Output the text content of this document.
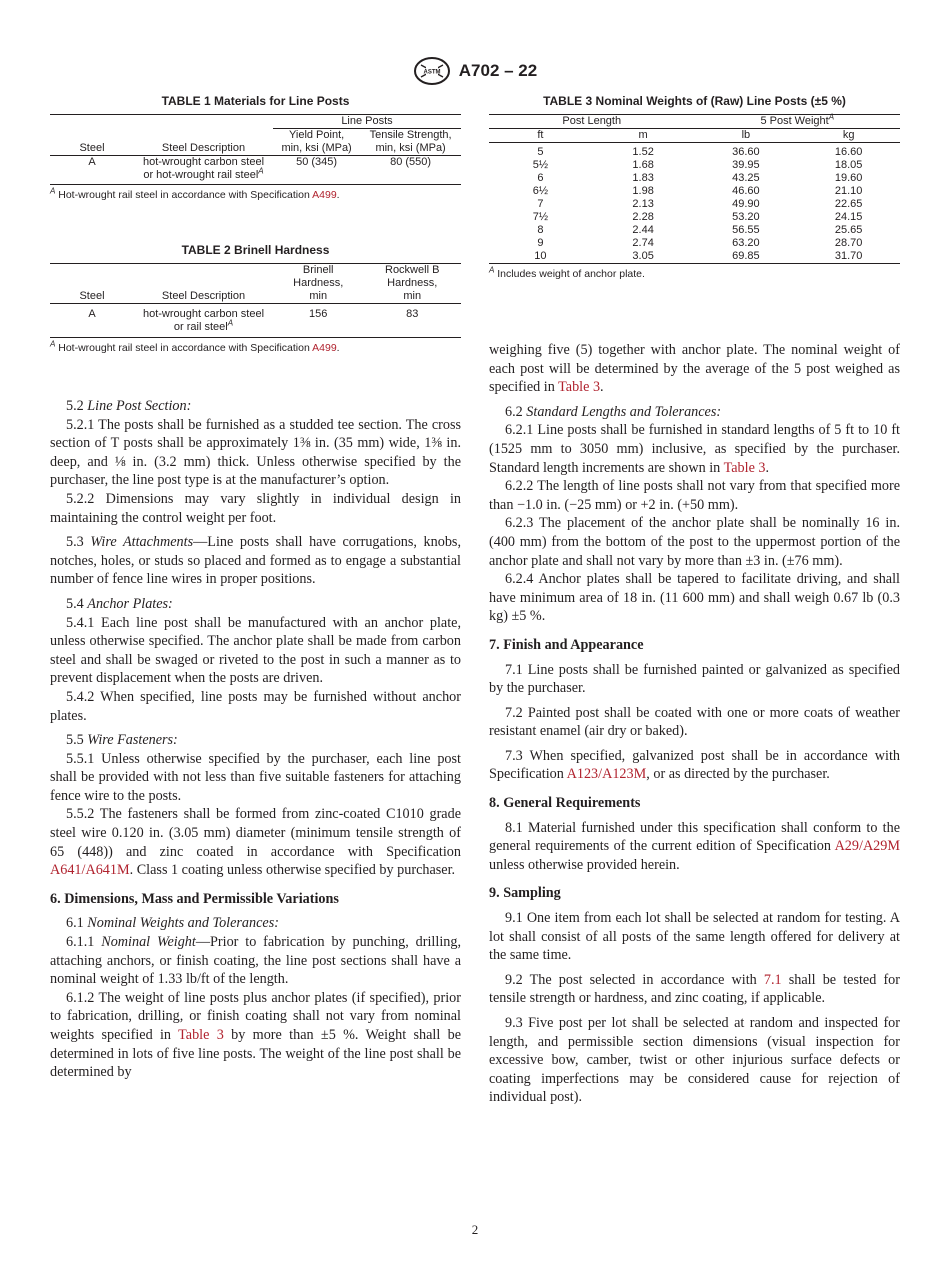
ASTM A702 – 22

TABLE 1 Materials for Line Posts

		Line Posts	
		Yield Point,	Tensile Strength,
Steel	Steel Description	min, ksi (MPa)	min, ksi (MPa)
A	hot-wrought carbon steel	50 (345)	80 (550)
	or hot-wrought rail steel$^A$		

$^A$ Hot-wrought rail steel in accordance with Specification A499.

TABLE 2 Brinell Hardness

		Brinell	Rockwell B
		Hardness,	Hardness,
Steel	Steel Description	min	min
A	hot-wrought carbon steel	156	83
	or rail steel$^A$		

$^A$ Hot-wrought rail steel in accordance with Specification A499.

5.2 Line Post Section:

5.2.1 The posts shall be furnished as a studded tee section. The cross section of T posts shall be approximately 1⅜ in. (35 mm) wide, 1⅜ in. deep, and ⅛ in. (3.2 mm) thick. Unless otherwise specified by the purchaser, the line post type is at the manufacturer’s option.

5.2.2 Dimensions may vary slightly in individual design in maintaining the control weight per foot.

5.3 Wire Attachments—Line posts shall have corrugations, knobs, notches, holes, or studs so placed and formed as to engage a substantial number of fence line wires in proper positions.

5.4 Anchor Plates:

5.4.1 Each line post shall be manufactured with an anchor plate, unless otherwise specified. The anchor plate shall be made from carbon steel and shall be swaged or riveted to the post in such a manner as to prevent displacement when the posts are driven.

5.4.2 When specified, line posts may be furnished without anchor plates.

5.5 Wire Fasteners:

5.5.1 Unless otherwise specified by the purchaser, each line post shall be provided with not less than five suitable fasteners for attaching fence wire to the posts.

5.5.2 The fasteners shall be formed from zinc-coated C1010 grade steel wire 0.120 in. (3.05 mm) diameter (minimum tensile strength of 65 (448)) and zinc coated in accordance with Specification A641/A641M. Class 1 coating unless otherwise specified by purchaser.

6. Dimensions, Mass and Permissible Variations

6.1 Nominal Weights and Tolerances:

6.1.1 Nominal Weight—Prior to fabrication by punching, drilling, attaching anchors, or finish coating, the line post sections shall have a nominal weight of 1.33 lb/ft of the length.

6.1.2 The weight of line posts plus anchor plates (if specified), prior to fabrication, drilling, or finish coating shall not vary from nominal weights specified in Table 3 by more than ±5 %. Weight shall be determined in lots of five line posts. The weight of the line post shall be determined by

TABLE 3 Nominal Weights of (Raw) Line Posts (±5 %)

Post Length		5 Post Weight$^A$
ft	m	lb	kg
5	1.52	36.60	16.60
5½	1.68	39.95	18.05
6	1.83	43.25	19.60
6½	1.98	46.60	21.10
7	2.13	49.90	22.65
7½	2.28	53.20	24.15
8	2.44	56.55	25.65
9	2.74	63.20	28.70
10	3.05	69.85	31.70

$^A$ Includes weight of anchor plate.

weighing five (5) together with anchor plate. The nominal weight of each post will be determined by the average of the 5 post weighed as specified in Table 3.

6.2 Standard Lengths and Tolerances:

6.2.1 Line posts shall be furnished in standard lengths of 5 ft to 10 ft (1525 mm to 3050 mm) inclusive, as specified by the purchaser. Standard length increments are shown in Table 3.

6.2.2 The length of line posts shall not vary from that specified more than −1.0 in. (−25 mm) or +2 in. (+50 mm).

6.2.3 The placement of the anchor plate shall be nominally 16 in. (400 mm) from the bottom of the post to the uppermost portion of the anchor plate and shall not vary by more than ±3 in. (±76 mm).

6.2.4 Anchor plates shall be tapered to facilitate driving, and shall have minimum area of 18 in. (11 600 mm) and shall weigh 0.67 lb (0.3 kg) ±5 %.

7. Finish and Appearance

7.1 Line posts shall be furnished painted or galvanized as specified by the purchaser.

7.2 Painted post shall be coated with one or more coats of weather resistant enamel (air dry or baked).

7.3 When specified, galvanized post shall be in accordance with Specification A123/A123M, or as directed by the purchaser.

8. General Requirements

8.1 Material furnished under this specification shall conform to the general requirements of the current edition of Specification A29/A29M unless otherwise provided herein.

9. Sampling

9.1 One item from each lot shall be selected at random for testing. A lot shall consist of all posts of the same length offered for delivery at the same time.

9.2 The post selected in accordance with 7.1 shall be tested for tensile strength or hardness, and zinc coating, if applicable.

9.3 Five post per lot shall be selected at random and inspected for length, and permissible section dimensions (visual inspection for excessive bow, camber, twist or other injurious surface defects or coating imperfections may be considered cause for rejection of individual post).

2
